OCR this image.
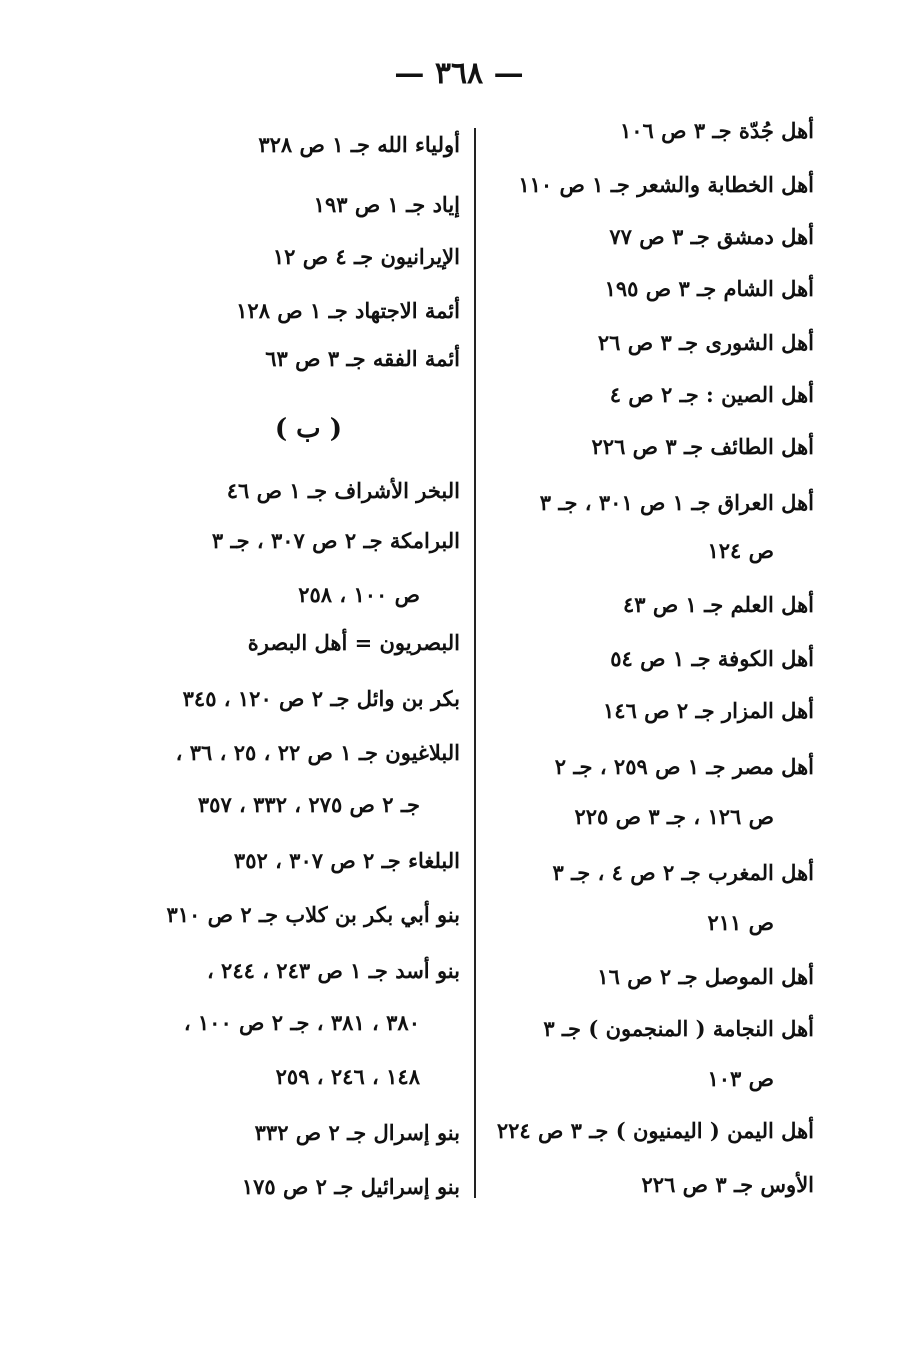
— ٣٦٨ —
أهل جُدّة جـ ٣ ص ١٠٦
أهل الخطابة والشعر جـ ١ ص ١١٠
أهل دمشق جـ ٣ ص ٧٧
أهل الشام جـ ٣ ص ١٩٥
أهل الشورى جـ ٣ ص ٢٦
أهل الصين : جـ ٢ ص ٤
أهل الطائف جـ ٣ ص ٢٢٦
أهل العراق جـ ١ ص ٣٠١ ، جـ ٣
ص ١٢٤
أهل العلم جـ ١ ص ٤٣
أهل الكوفة جـ ١ ص ٥٤
أهل المزار جـ ٢ ص ١٤٦
أهل مصر جـ ١ ص ٢٥٩ ، جـ ٢
ص ١٢٦ ، جـ ٣ ص ٢٢٥
أهل المغرب جـ ٢ ص ٤ ، جـ ٣
ص ٢١١
أهل الموصل جـ ٢ ص ١٦
أهل النجامة ( المنجمون ) جـ ٣
ص ١٠٣
أهل اليمن ( اليمنيون ) جـ ٣ ص ٢٢٤
الأوس جـ ٣ ص ٢٢٦
أولياء الله جـ ١ ص ٣٢٨
إياد جـ ١ ص ١٩٣
الإيرانيون جـ ٤ ص ١٢
أئمة الاجتهاد جـ ١ ص ١٢٨
أئمة الفقه جـ ٣ ص ٦٣
( ب )
البخر الأشراف جـ ١ ص ٤٦
البرامكة جـ ٢ ص ٣٠٧ ، جـ ٣
ص ١٠٠ ، ٢٥٨
البصريون = أهل البصرة
بكر بن وائل جـ ٢ ص ١٢٠ ، ٣٤٥
البلاغيون جـ ١ ص ٢٢ ، ٢٥ ، ٣٦ ،
جـ ٢ ص ٢٧٥ ، ٣٣٢ ، ٣٥٧
البلغاء جـ ٢ ص ٣٠٧ ، ٣٥٢
بنو أبي بكر بن كلاب جـ ٢ ص ٣١٠
بنو أسد جـ ١ ص ٢٤٣ ، ٢٤٤ ،
٣٨٠ ، ٣٨١ ، جـ ٢ ص ١٠٠ ،
١٤٨ ، ٢٤٦ ، ٢٥٩
بنو إسرال جـ ٢ ص ٣٣٢
بنو إسرائيل جـ ٢ ص ١٧٥
